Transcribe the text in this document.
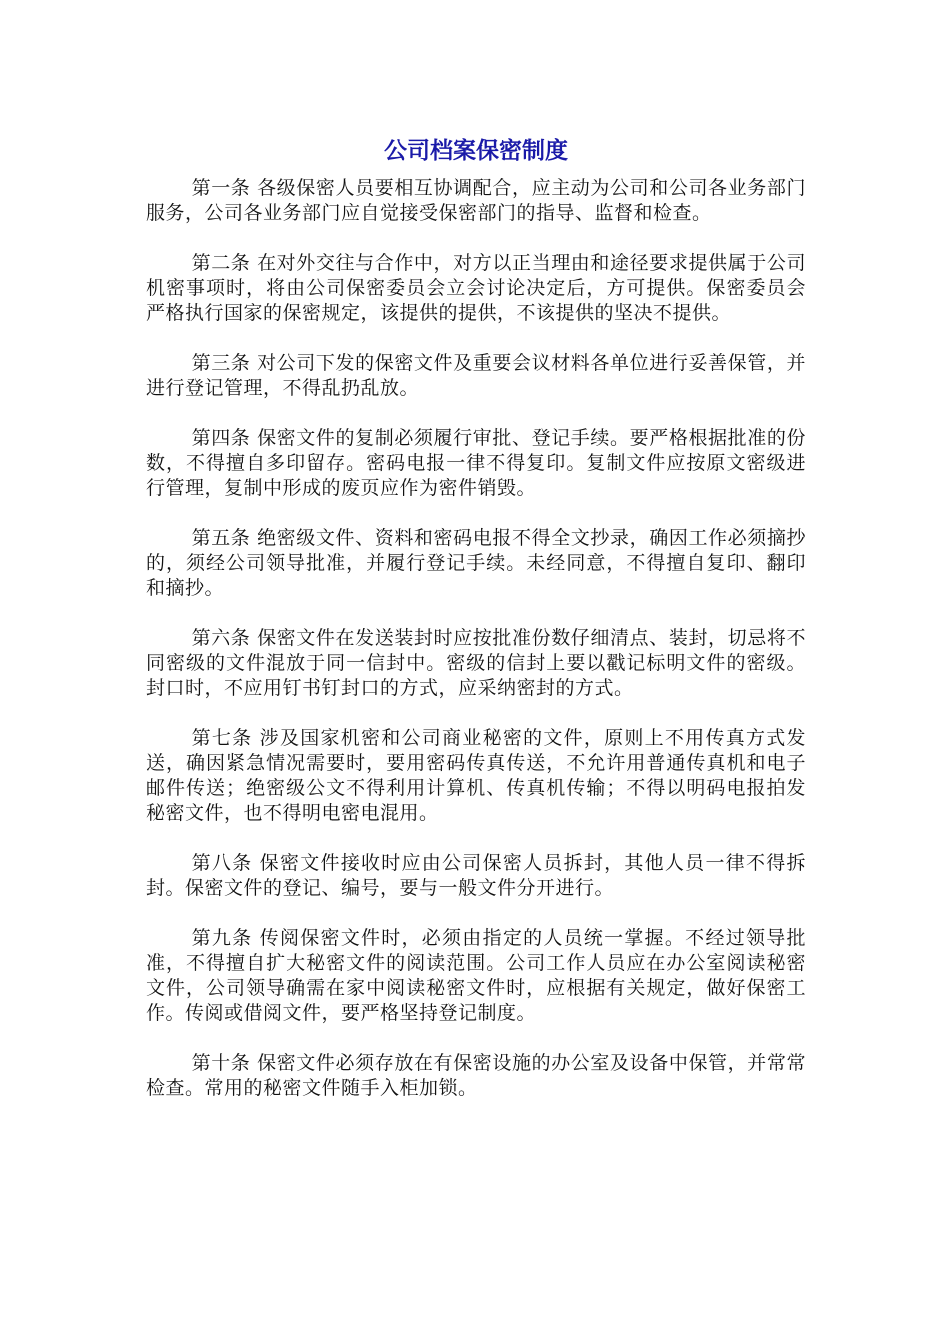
公司档案保密制度

第一条 各级保密人员要相互协调配合，应主动为公司和公司各业务部门服务，公司各业务部门应自觉接受保密部门的指导、监督和检查。

第二条 在对外交往与合作中，对方以正当理由和途径要求提供属于公司机密事项时，将由公司保密委员会立会讨论决定后，方可提供。保密委员会严格执行国家的保密规定，该提供的提供，不该提供的坚决不提供。

第三条 对公司下发的保密文件及重要会议材料各单位进行妥善保管，并进行登记管理，不得乱扔乱放。

第四条 保密文件的复制必须履行审批、登记手续。要严格根据批准的份数，不得擅自多印留存。密码电报一律不得复印。复制文件应按原文密级进行管理，复制中形成的废页应作为密件销毁。

第五条 绝密级文件、资料和密码电报不得全文抄录，确因工作必须摘抄的，须经公司领导批准，并履行登记手续。未经同意，不得擅自复印、翻印和摘抄。

第六条 保密文件在发送装封时应按批准份数仔细清点、装封，切忌将不同密级的文件混放于同一信封中。密级的信封上要以戳记标明文件的密级。封口时，不应用钉书钉封口的方式，应采纳密封的方式。

第七条 涉及国家机密和公司商业秘密的文件，原则上不用传真方式发送，确因紧急情况需要时，要用密码传真传送，不允许用普通传真机和电子邮件传送；绝密级公文不得利用计算机、传真机传输；不得以明码电报拍发秘密文件，也不得明电密电混用。

第八条 保密文件接收时应由公司保密人员拆封，其他人员一律不得拆封。保密文件的登记、编号，要与一般文件分开进行。

第九条 传阅保密文件时，必须由指定的人员统一掌握。不经过领导批准，不得擅自扩大秘密文件的阅读范围。公司工作人员应在办公室阅读秘密文件，公司领导确需在家中阅读秘密文件时，应根据有关规定，做好保密工作。传阅或借阅文件，要严格坚持登记制度。

第十条 保密文件必须存放在有保密设施的办公室及设备中保管，并常常检查。常用的秘密文件随手入柜加锁。
